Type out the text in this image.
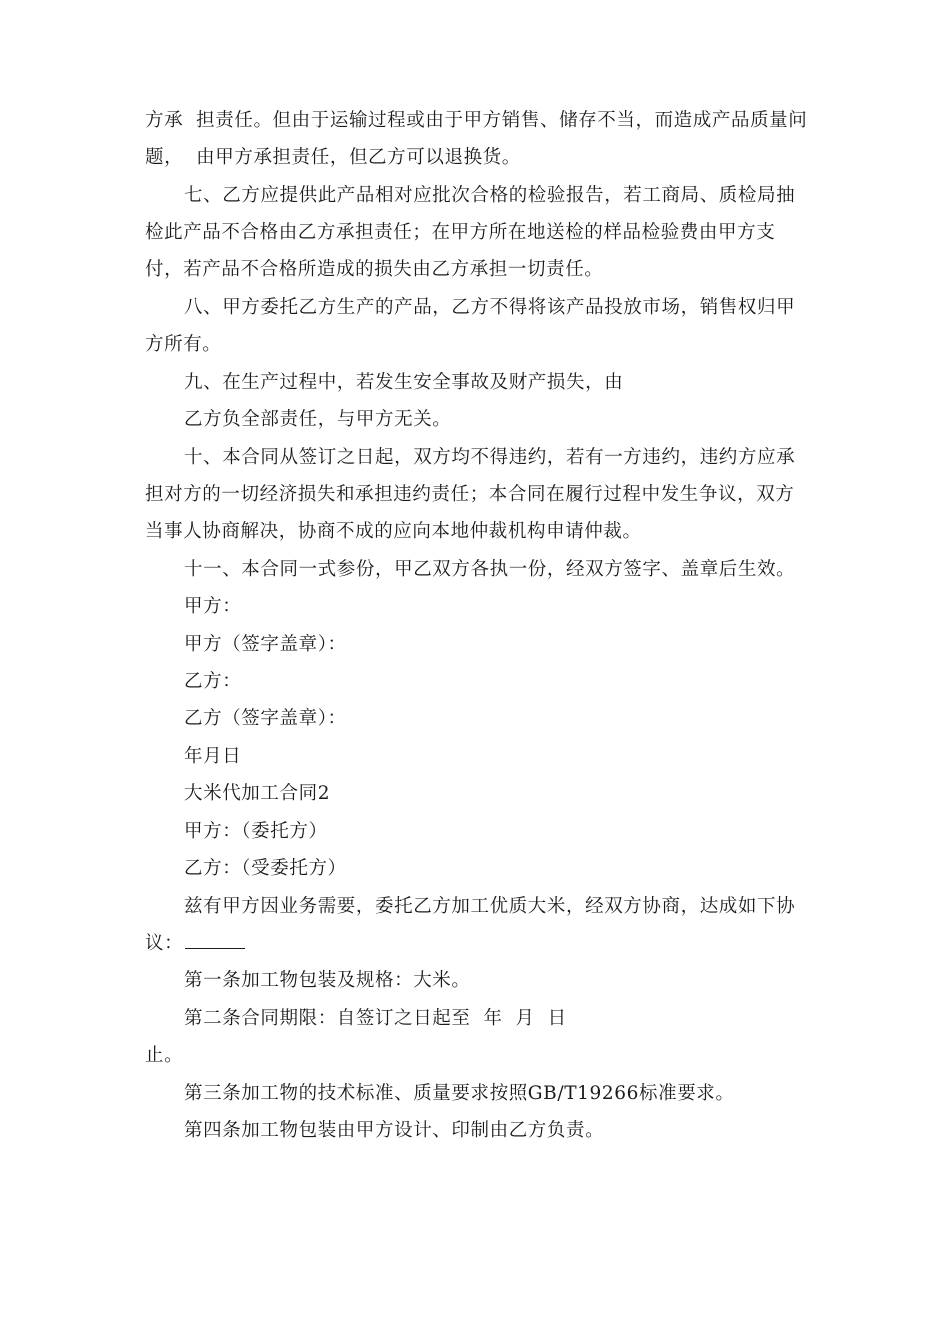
方承  担责任。但由于运输过程或由于甲方销售、储存不当，而造成产品质量问
题，  由甲方承担责任，但乙方可以退换货。
七、乙方应提供此产品相对应批次合格的检验报告，若工商局、质检局抽
检此产品不合格由乙方承担责任；在甲方所在地送检的样品检验费由甲方支
付，若产品不合格所造成的损失由乙方承担一切责任。
八、甲方委托乙方生产的产品，乙方不得将该产品投放市场，销售权归甲
方所有。
九、在生产过程中，若发生安全事故及财产损失，由
乙方负全部责任，与甲方无关。
十、本合同从签订之日起，双方均不得违约，若有一方违约，违约方应承
担对方的一切经济损失和承担违约责任；本合同在履行过程中发生争议，双方
当事人协商解决，协商不成的应向本地仲裁机构申请仲裁。
十一、本合同一式参份，甲乙双方各执一份，经双方签字、盖章后生效。
甲方：
甲方（签字盖章）：
乙方：
乙方（签字盖章）：
年月日
大米代加工合同2
甲方：（委托方）
乙方：（受委托方）
兹有甲方因业务需要，委托乙方加工优质大米，经双方协商，达成如下协
议：
第一条加工物包装及规格：大米。
第二条合同期限：自签订之日起至  年  月  日
止。
第三条加工物的技术标准、质量要求按照GB/T19266标准要求。
第四条加工物包装由甲方设计、印制由乙方负责。
